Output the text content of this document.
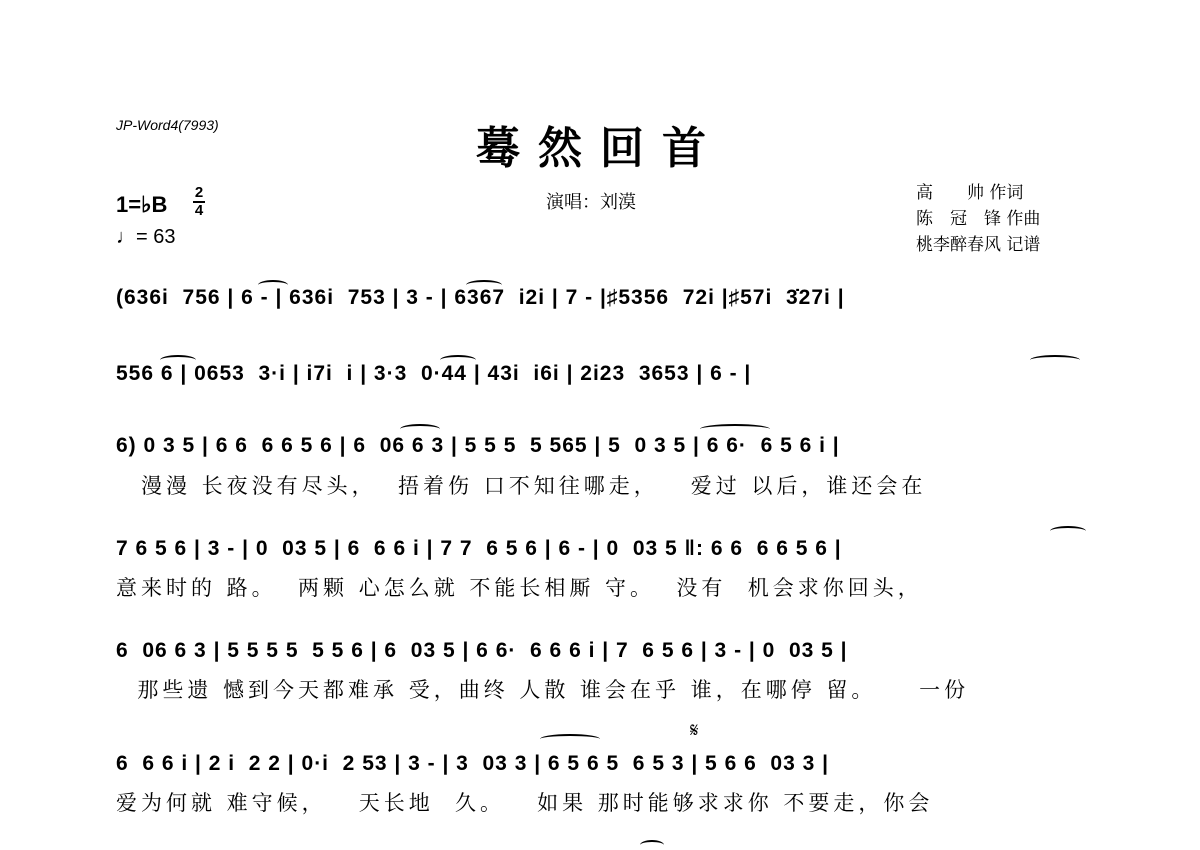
JP-Word4(7993)	蓦然回首
1=♭B 2
4
♩= 63
演唱：刘漠	高　　帅 作词
陈　冠　锋 作曲
桃李醉春风 记谱
(636i  756 | 6 - | 636i  753 | 3 - | 6367  i2i | 7 - |♯5356  72i |♯57i  3̇27i |
556 6 | 0653  3·i | i7i  i | 3·3  0·44 | 43i  i6i | 2i23  3653 | 6 - |
6) 0 3 5 | 6 6  6 6 5 6 | 6  06 6 3 | 5 5 5  5 565 | 5  0 3 5 | 6 6·  6 5 6 i |
　漫漫 长夜没有尽头，  捂着伤 口不知往哪走，   爱过 以后，谁还会在
7 6 5 6 | 3 - | 0  03 5 | 6  6 6 i | 7 7  6 5 6 | 6 - | 0  03 5 ‖: 6 6  6 6 5 6 |
意来时的 路。  两颗 心怎么就 不能长相厮 守。  没有  机会求你回头，
6  06 6 3 | 5 5 5 5  5 5 6 | 6  03 5 | 6 6·  6 6 6 i | 7  6 5 6 | 3 - | 0  03 5 |
那些遗 憾到今天都难承 受，曲终 人散 谁会在乎 谁，在哪停 留。    一份
𝄋
6  6 6 i | 2 i  2 2 | 0·i  2 53 | 3 - | 3  03 3 | 6 5 6 5  6 5 3 | 5 6 6  03 3 |
爱为何就 难守候，   天长地  久。   如果 那时能够求求你 不要走，你会
